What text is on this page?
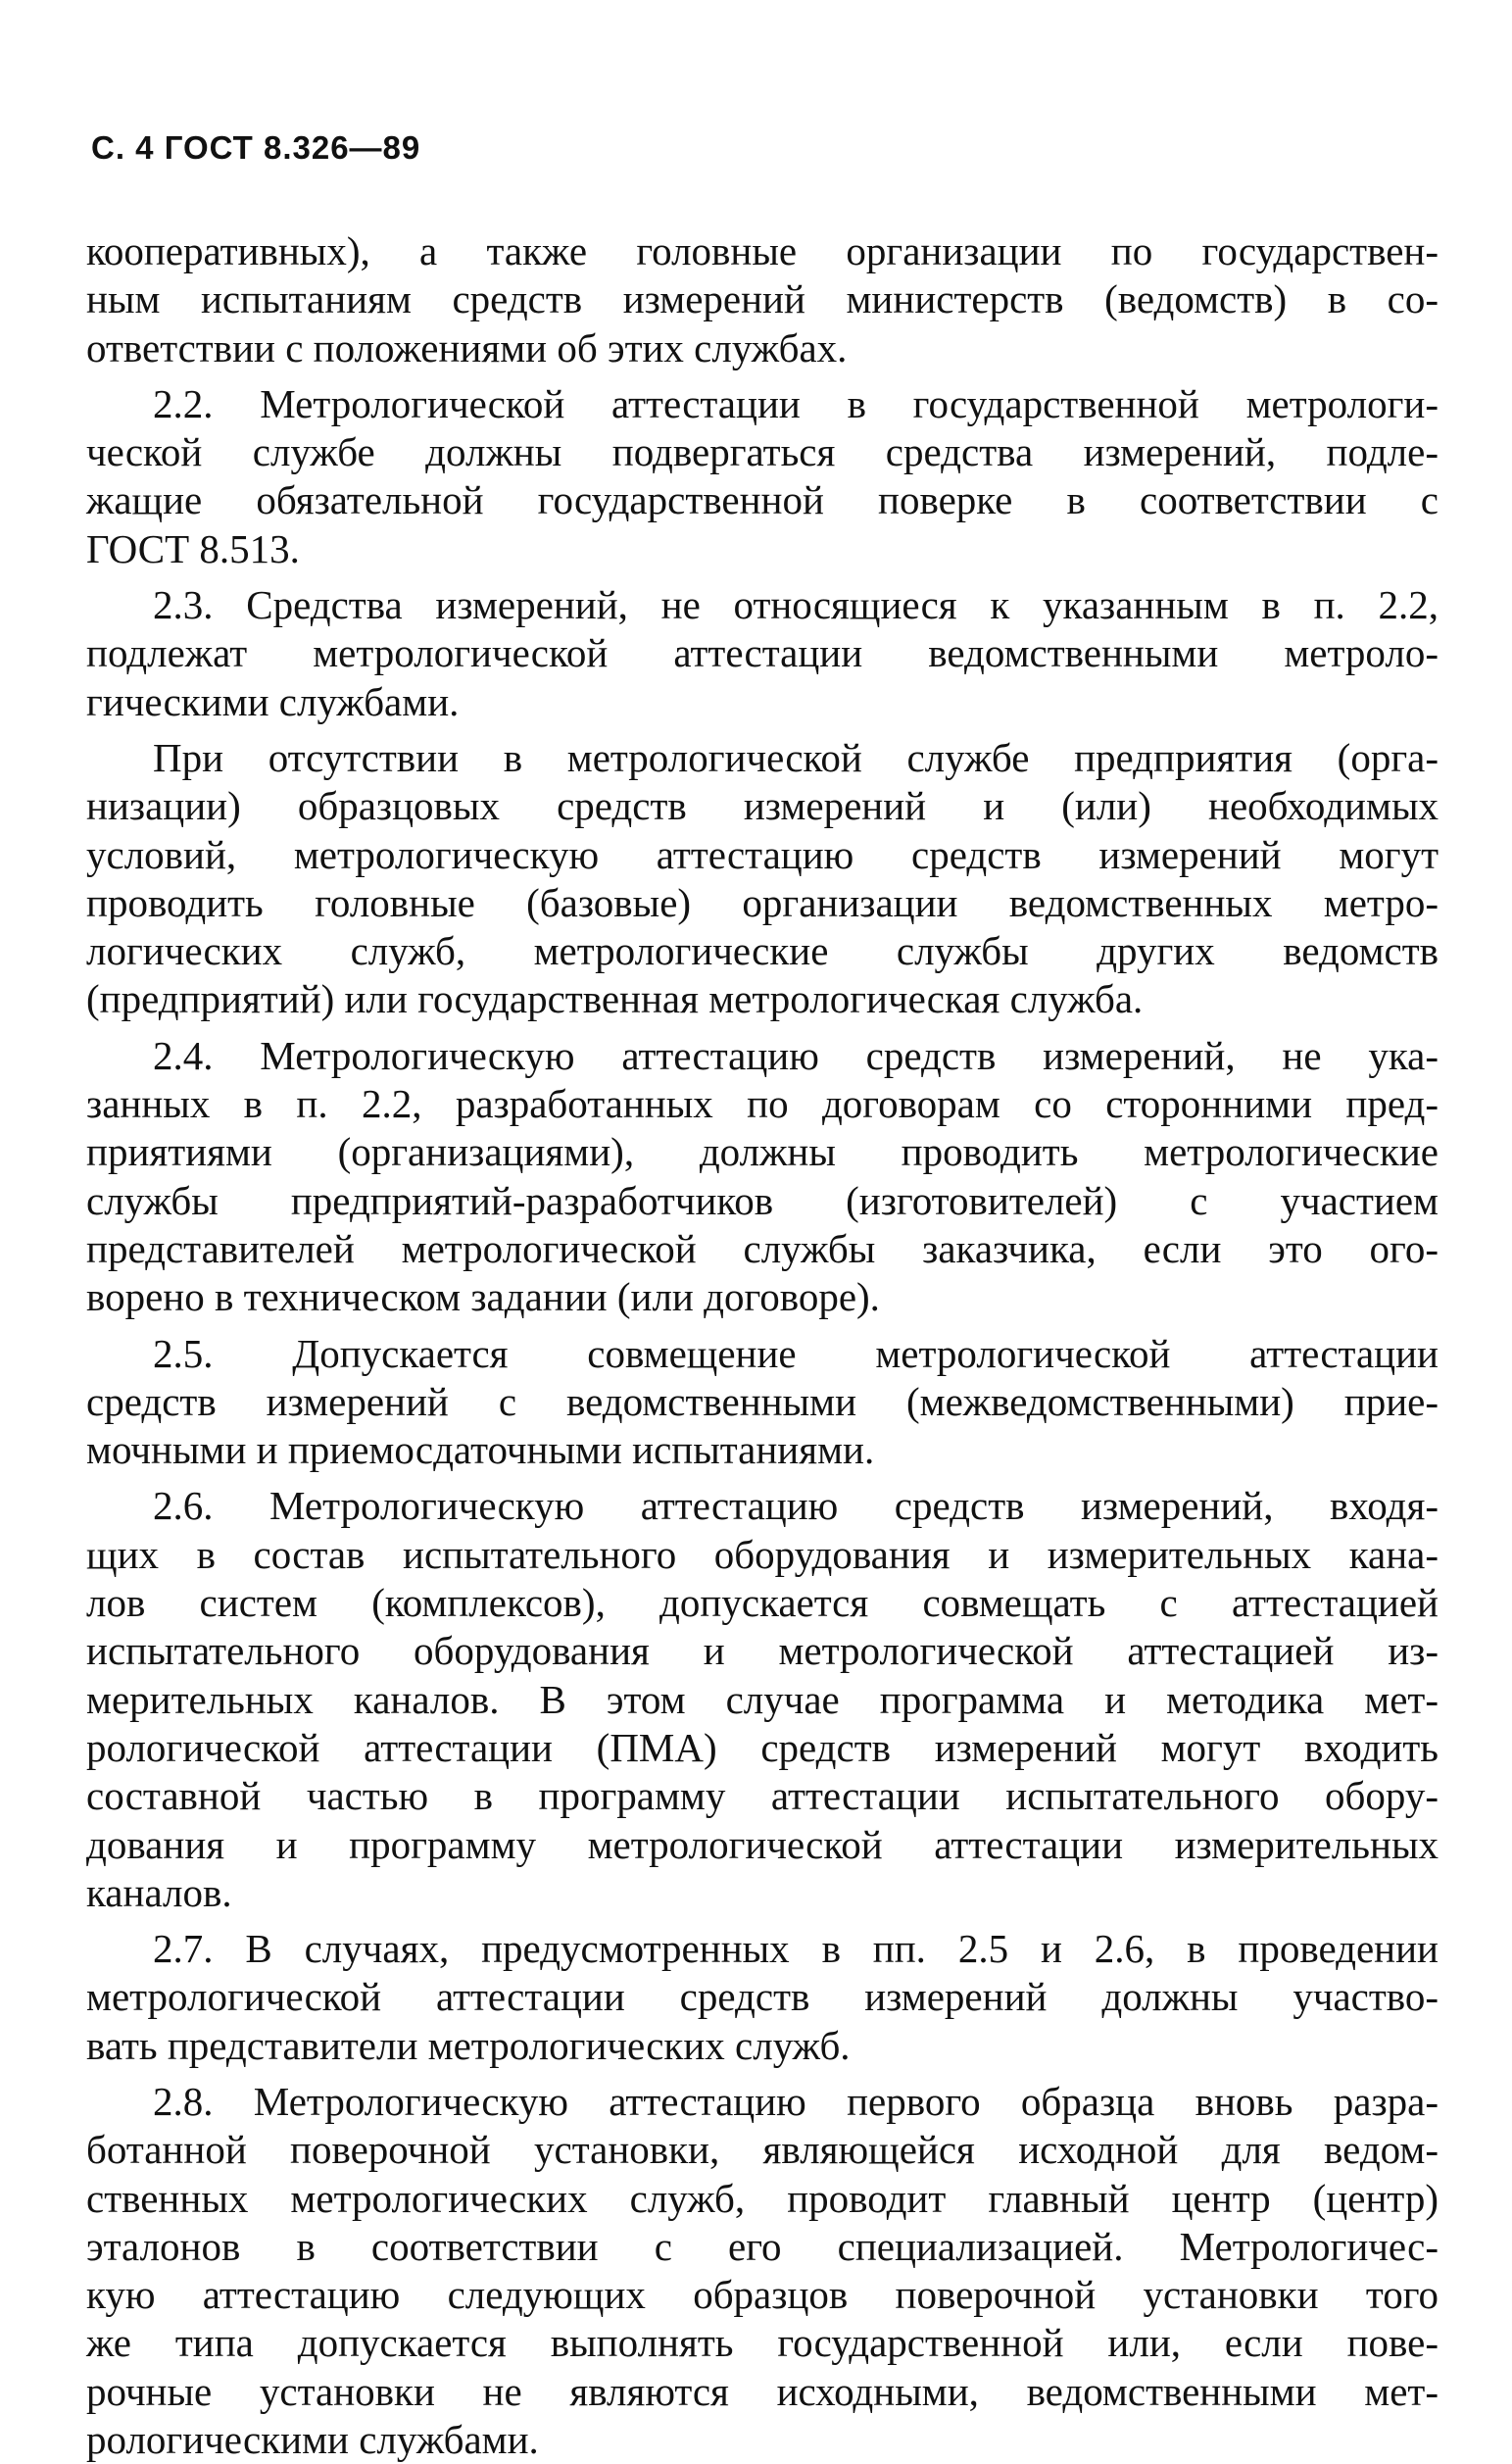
С. 4 ГОСТ 8.326—89
кооперативных), а также головные организации по государствен-
ным испытаниям средств измерений министерств (ведомств) в со-
ответствии с положениями об этих службах.
2.2. Метрологической аттестации в государственной метрологи-
ческой службе должны подвергаться средства измерений, подле-
жащие обязательной государственной поверке в соответствии с
ГОСТ 8.513.
2.3. Средства измерений, не относящиеся к указанным в п. 2.2,
подлежат метрологической аттестации ведомственными метроло-
гическими службами.
При отсутствии в метрологической службе предприятия (орга-
низации) образцовых средств измерений и (или) необходимых
условий, метрологическую аттестацию средств измерений могут
проводить головные (базовые) организации ведомственных метро-
логических служб, метрологические службы других ведомств
(предприятий) или государственная метрологическая служба.
2.4. Метрологическую аттестацию средств измерений, не ука-
занных в п. 2.2, разработанных по договорам со сторонними пред-
приятиями (организациями), должны проводить метрологические
службы предприятий-разработчиков (изготовителей) с участием
представителей метрологической службы заказчика, если это ого-
ворено в техническом задании (или договоре).
2.5. Допускается совмещение метрологической аттестации
средств измерений с ведомственными (межведомственными) прие-
мочными и приемосдаточными испытаниями.
2.6. Метрологическую аттестацию средств измерений, входя-
щих в состав испытательного оборудования и измерительных кана-
лов систем (комплексов), допускается совмещать с аттестацией
испытательного оборудования и метрологической аттестацией из-
мерительных каналов. В этом случае программа и методика мет-
рологической аттестации (ПМА) средств измерений могут входить
составной частью в программу аттестации испытательного обору-
дования и программу метрологической аттестации измерительных
каналов.
2.7. В случаях, предусмотренных в пп. 2.5 и 2.6, в проведении
метрологической аттестации средств измерений должны участво-
вать представители метрологических служб.
2.8. Метрологическую аттестацию первого образца вновь разра-
ботанной поверочной установки, являющейся исходной для ведом-
ственных метрологических служб, проводит главный центр (центр)
эталонов в соответствии с его специализацией. Метрологичес-
кую аттестацию следующих образцов поверочной установки того
же типа допускается выполнять государственной или, если пове-
рочные установки не являются исходными, ведомственными мет-
рологическими службами.
